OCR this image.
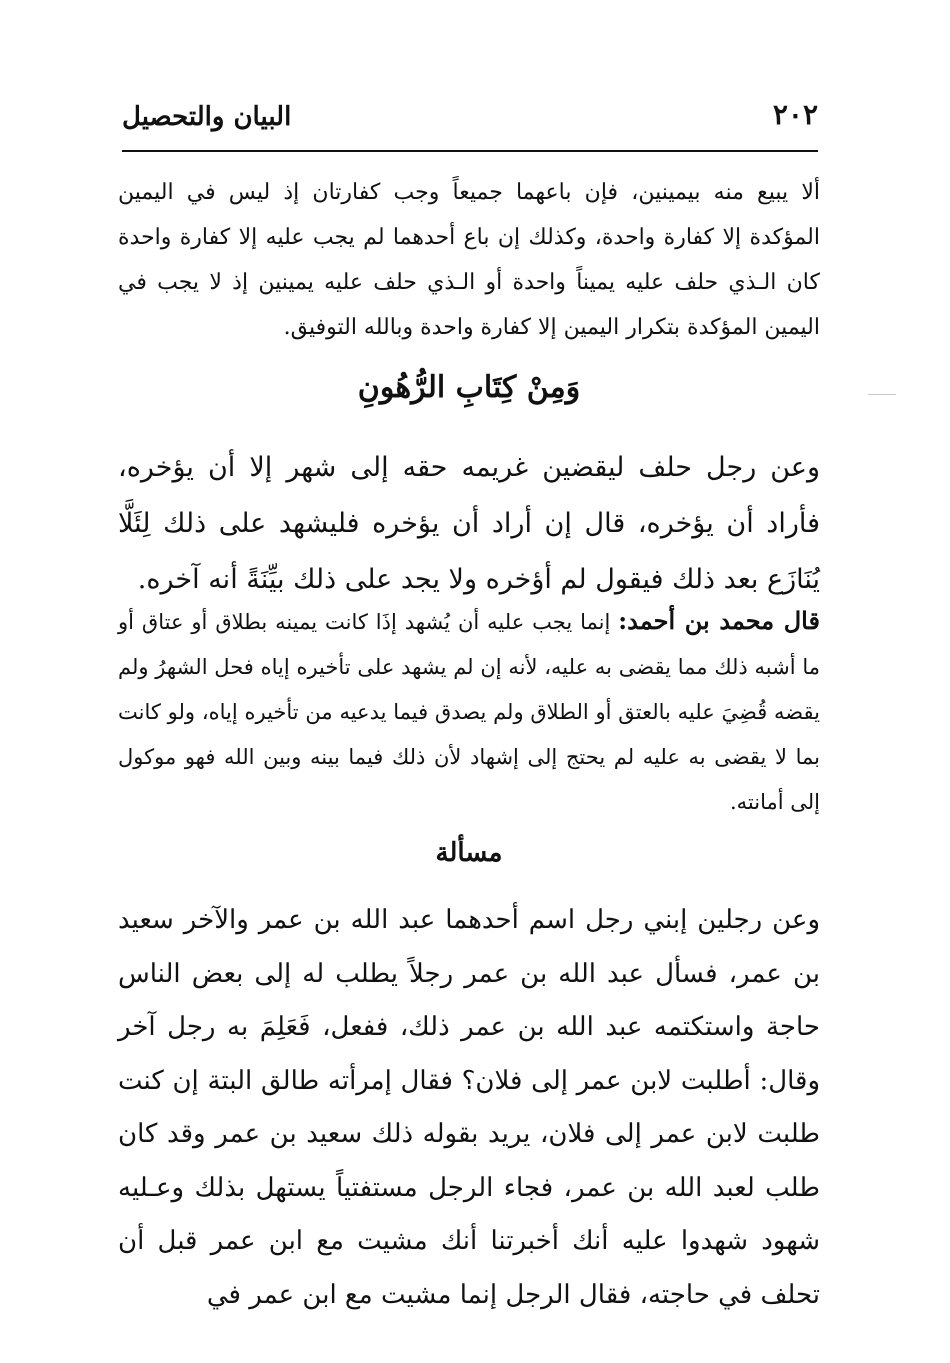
٢٠٢
البيان والتحصيل

ألا يبيع منه بيمينين، فإن باعهما جميعاً وجب كفارتان إذ ليس في اليمين المؤكدة إلا كفارة واحدة، وكذلك إن باع أحدهما لم يجب عليه إلا كفارة واحدة كان الـذي حلف عليه يميناً واحدة أو الـذي حلف عليه يمينين إذ لا يجب في اليمين المؤكدة بتكرار اليمين إلا كفارة واحدة وبالله التوفيق.

وَمِنْ كِتَابِ الرُّهُونِ

وعن رجل حلف ليقضين غريمه حقه إلى شهر إلا أن يؤخره، فأراد أن يؤخره، قال إن أراد أن يؤخره فليشهد على ذلك لِئَلَّا يُنَازَع بعد ذلك فيقول لم أؤخره ولا يجد على ذلك بيِّنَةً أنه آخره.

قال محمد بن أحمد: إنما يجب عليه أن يُشهد إذَا كانت يمينه بطلاق أو عتاق أو ما أشبه ذلك مما يقضى به عليه، لأنه إن لم يشهد على تأخيره إياه فحل الشهرُ ولم يقضه قُضِيَ عليه بالعتق أو الطلاق ولم يصدق فيما يدعيه من تأخيره إياه، ولو كانت بما لا يقضى به عليه لم يحتج إلى إشهاد لأن ذلك فيما بينه وبين الله فهو موكول إلى أمانته.

مسألة

وعن رجلين إبني رجل اسم أحدهما عبد الله بن عمر والآخر سعيد بن عمر، فسأل عبد الله بن عمر رجلاً يطلب له إلى بعض الناس حاجة واستكتمه عبد الله بن عمر ذلك، ففعل، فَعَلِمَ به رجل آخر وقال: أطلبت لابن عمر إلى فلان؟ فقال إمرأته طالق البتة إن كنت طلبت لابن عمر إلى فلان، يريد بقوله ذلك سعيد بن عمر وقد كان طلب لعبد الله بن عمر، فجاء الرجل مستفتياً يستهل بذلك وعـليه شهود شهدوا عليه أنك أخبرتنا أنك مشيت مع ابن عمر قبل أن تحلف في حاجته، فقال الرجل إنما مشيت مع ابن عمر في
